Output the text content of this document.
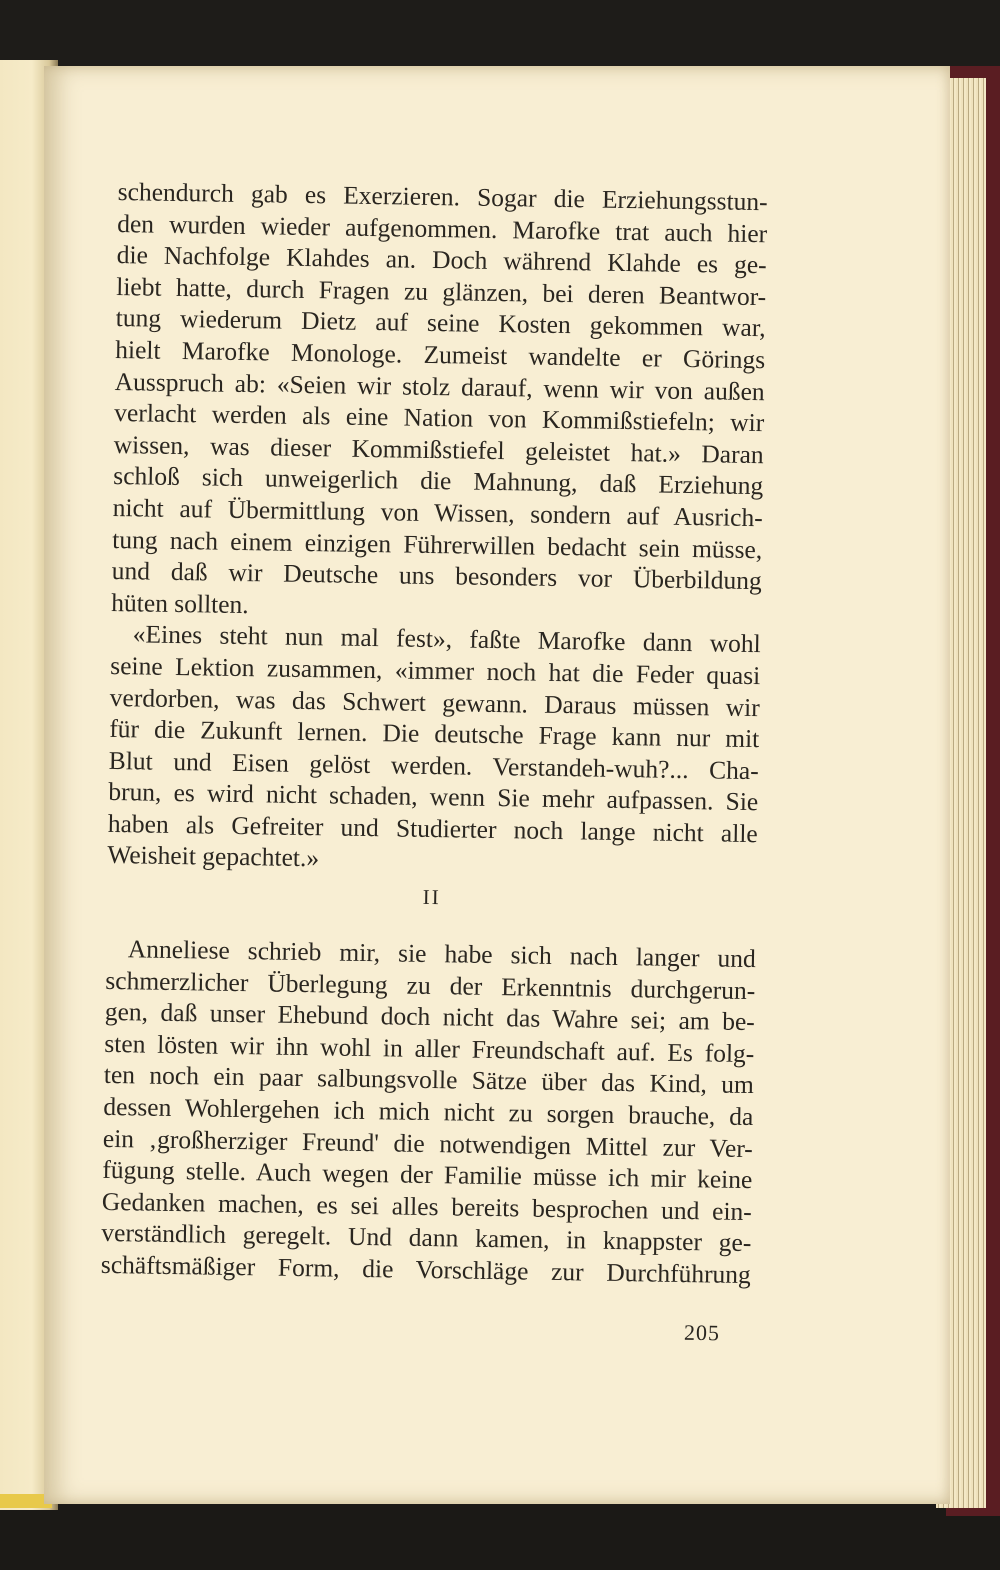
schendurch gab es Exerzieren. Sogar die Erziehungsstun-
den wurden wieder aufgenommen. Marofke trat auch hier
die Nachfolge Klahdes an. Doch während Klahde es ge-
liebt hatte, durch Fragen zu glänzen, bei deren Beantwor-
tung wiederum Dietz auf seine Kosten gekommen war,
hielt Marofke Monologe. Zumeist wandelte er Görings
Ausspruch ab: «Seien wir stolz darauf, wenn wir von außen
verlacht werden als eine Nation von Kommißstiefeln; wir
wissen, was dieser Kommißstiefel geleistet hat.» Daran
schloß sich unweigerlich die Mahnung, daß Erziehung
nicht auf Übermittlung von Wissen, sondern auf Ausrich-
tung nach einem einzigen Führerwillen bedacht sein müsse,
und daß wir Deutsche uns besonders vor Überbildung
hüten sollten.
«Eines steht nun mal fest», faßte Marofke dann wohl
seine Lektion zusammen, «immer noch hat die Feder quasi
verdorben, was das Schwert gewann. Daraus müssen wir
für die Zukunft lernen. Die deutsche Frage kann nur mit
Blut und Eisen gelöst werden. Verstandeh-wuh?... Cha-
brun, es wird nicht schaden, wenn Sie mehr aufpassen. Sie
haben als Gefreiter und Studierter noch lange nicht alle
Weisheit gepachtet.»
II
Anneliese schrieb mir, sie habe sich nach langer und
schmerzlicher Überlegung zu der Erkenntnis durchgerun-
gen, daß unser Ehebund doch nicht das Wahre sei; am be-
sten lösten wir ihn wohl in aller Freundschaft auf. Es folg-
ten noch ein paar salbungsvolle Sätze über das Kind, um
dessen Wohlergehen ich mich nicht zu sorgen brauche, da
ein ‚großherziger Freund' die notwendigen Mittel zur Ver-
fügung stelle. Auch wegen der Familie müsse ich mir keine
Gedanken machen, es sei alles bereits besprochen und ein-
verständlich geregelt. Und dann kamen, in knappster ge-
schäftsmäßiger Form, die Vorschläge zur Durchführung
205
